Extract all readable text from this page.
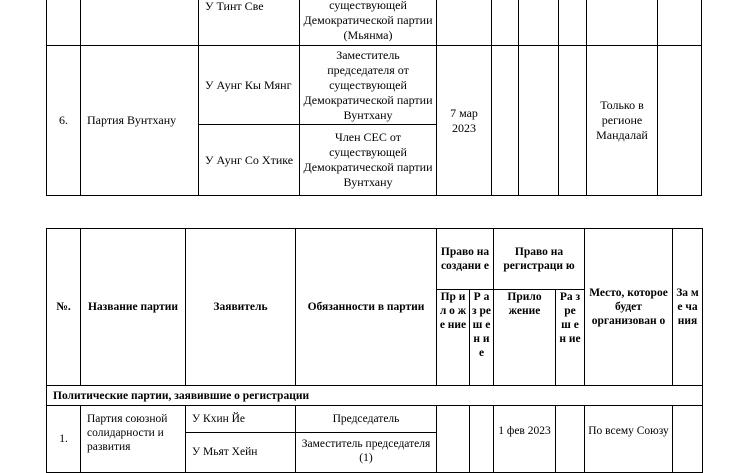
		У Тинт Све	существующей Демократической партии (Мьянма)						
6.	Партия Вунтхану	У Аунг Кы Мянг	Заместитель председателя от существующей Демократической партии Вунтхану	7 мар 2023				Только в регионе Мандалай	
		У Аунг Со Хтике	Член СЕС от существующей Демократической партии Вунтхану						
№.	Название партии	Заявитель	Обязанности в партии	Право на создани е		Право на регистраци ю		Место, которое будет организован о	За ме ча ния
				Пр ил о же ние	Р аз ре ш ен ие	Прило жение	Ра з ре ш ен ие		
Политические партии, заявившие о регистрации									
1.	Партия союзной солидарности и развития	У Кхин Йе	Председатель			1 фев 2023		По всему Союзу	
		У Мьят Хейн	Заместитель председателя (1)						
